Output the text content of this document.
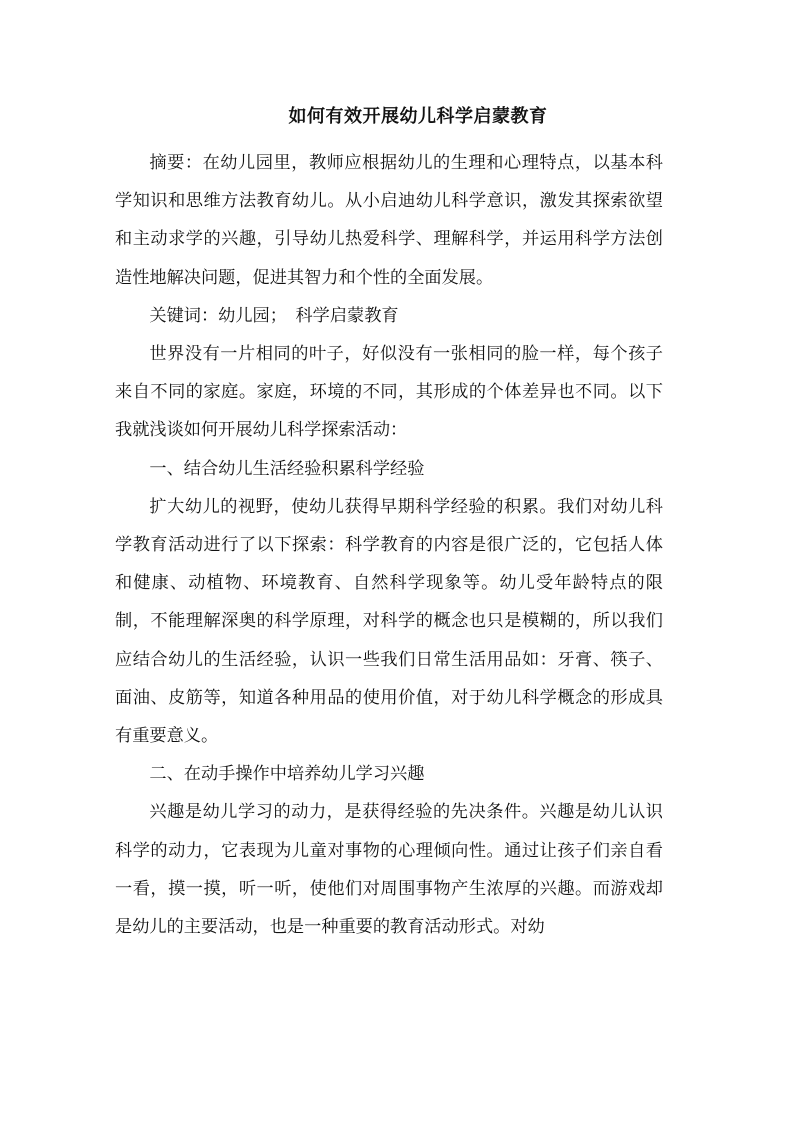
如何有效开展幼儿科学启蒙教育

摘要：在幼儿园里，教师应根据幼儿的生理和心理特点，以基本科学知识和思维方法教育幼儿。从小启迪幼儿科学意识，激发其探索欲望和主动求学的兴趣，引导幼儿热爱科学、理解科学，并运用科学方法创造性地解决问题，促进其智力和个性的全面发展。

关键词：幼儿园；　科学启蒙教育

世界没有一片相同的叶子，好似没有一张相同的脸一样，每个孩子来自不同的家庭。家庭，环境的不同，其形成的个体差异也不同。以下我就浅谈如何开展幼儿科学探索活动：

一、结合幼儿生活经验积累科学经验

扩大幼儿的视野，使幼儿获得早期科学经验的积累。我们对幼儿科学教育活动进行了以下探索：科学教育的内容是很广泛的，它包括人体和健康、动植物、环境教育、自然科学现象等。幼儿受年龄特点的限制，不能理解深奥的科学原理，对科学的概念也只是模糊的，所以我们应结合幼儿的生活经验，认识一些我们日常生活用品如：牙膏、筷子、面油、皮筋等，知道各种用品的使用价值，对于幼儿科学概念的形成具有重要意义。

二、在动手操作中培养幼儿学习兴趣

兴趣是幼儿学习的动力，是获得经验的先决条件。兴趣是幼儿认识科学的动力，它表现为儿童对事物的心理倾向性。通过让孩子们亲自看一看，摸一摸，听一听，使他们对周围事物产生浓厚的兴趣。而游戏却是幼儿的主要活动，也是一种重要的教育活动形式。对幼
